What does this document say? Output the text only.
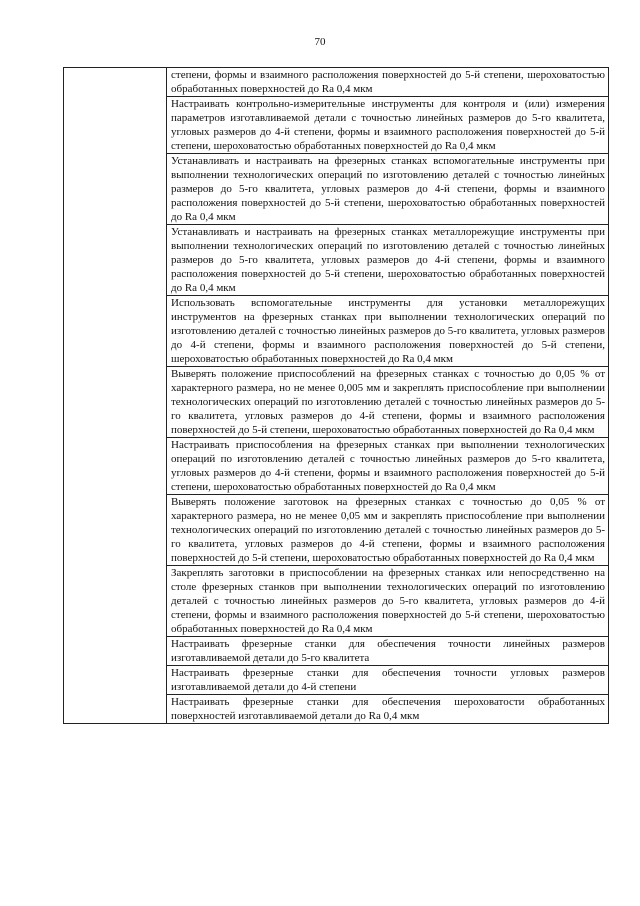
70
	степени, формы и взаимного расположения поверхностей до 5-й степени, шероховатостью обработанных поверхностей до Ra 0,4 мкм
Настраивать контрольно-измерительные инструменты для контроля и (или) измерения параметров изготавливаемой детали с точностью линейных размеров до 5-го квалитета, угловых размеров до 4-й степени, формы и взаимного расположения поверхностей до 5-й степени, шероховатостью обработанных поверхностей до Ra 0,4 мкм
Устанавливать и настраивать на фрезерных станках вспомогательные инструменты при выполнении технологических операций по изготовлению деталей с точностью линейных размеров до 5-го квалитета, угловых размеров до 4-й степени, формы и взаимного расположения поверхностей до 5-й степени, шероховатостью обработанных поверхностей до Ra 0,4 мкм
Устанавливать и настраивать на фрезерных станках металлорежущие инструменты при выполнении технологических операций по изготовлению деталей с точностью линейных размеров до 5-го квалитета, угловых размеров до 4-й степени, формы и взаимного расположения поверхностей до 5-й степени, шероховатостью обработанных поверхностей до Ra 0,4 мкм
Использовать вспомогательные инструменты для установки металлорежущих инструментов на фрезерных станках при выполнении технологических операций по изготовлению деталей с точностью линейных размеров до 5-го квалитета, угловых размеров до 4-й степени, формы и взаимного расположения поверхностей до 5-й степени, шероховатостью обработанных поверхностей до Ra 0,4 мкм
Выверять положение приспособлений на фрезерных станках с точностью до 0,05 % от характерного размера, но не менее 0,005 мм и закреплять приспособление при выполнении технологических операций по изготовлению деталей с точностью линейных размеров до 5-го квалитета, угловых размеров до 4-й степени, формы и взаимного расположения поверхностей до 5-й степени, шероховатостью обработанных поверхностей до Ra 0,4 мкм
Настраивать приспособления на фрезерных станках при выполнении технологических операций по изготовлению деталей с точностью линейных размеров до 5-го квалитета, угловых размеров до 4-й степени, формы и взаимного расположения поверхностей до 5-й степени, шероховатостью обработанных поверхностей до Ra 0,4 мкм
Выверять положение заготовок на фрезерных станках с точностью до 0,05 % от характерного размера, но не менее 0,05 мм и закреплять приспособление при выполнении технологических операций по изготовлению деталей с точностью линейных размеров до 5-го квалитета, угловых размеров до 4-й степени, формы и взаимного расположения поверхностей до 5-й степени, шероховатостью обработанных поверхностей до Ra 0,4 мкм
Закреплять заготовки в приспособлении на фрезерных станках или непосредственно на столе фрезерных станков при выполнении технологических операций по изготовлению деталей с точностью линейных размеров до 5-го квалитета, угловых размеров до 4-й степени, формы и взаимного расположения поверхностей до 5-й степени, шероховатостью обработанных поверхностей до Ra 0,4 мкм
Настраивать фрезерные станки для обеспечения точности линейных размеров изготавливаемой детали до 5-го квалитета
Настраивать фрезерные станки для обеспечения точности угловых размеров изготавливаемой детали до 4-й степени
Настраивать фрезерные станки для обеспечения шероховатости обработанных поверхностей изготавливаемой детали до Ra 0,4 мкм
